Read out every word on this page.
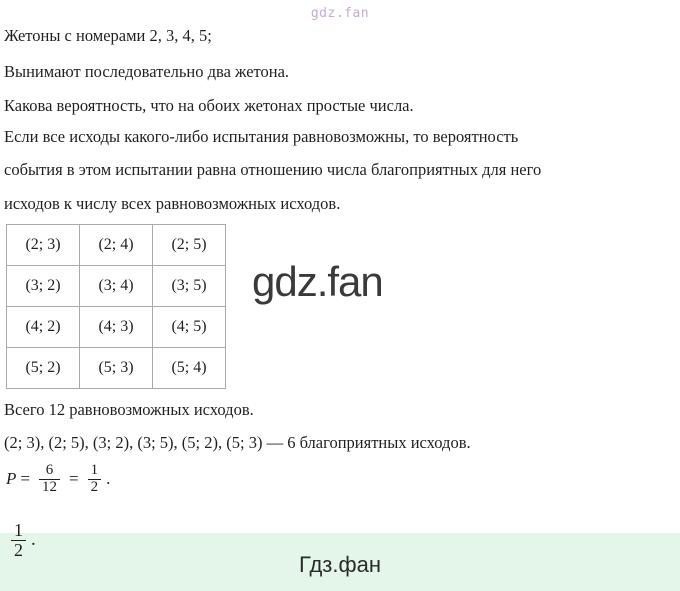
gdz.fan

Жетоны с номерами 2, 3, 4, 5;

Вынимают последовательно два жетона.

Какова вероятность, что на обоих жетонах простые числа.

Если все исходы какого-либо испытания равновозможны, то вероятность

события в этом испытании равна отношению числа благоприятных для него

исходов к числу всех равновозможных исходов.

(2; 3)	(2; 4)	(2; 5)
(3; 2)	(3; 4)	(3; 5)
(4; 2)	(4; 3)	(4; 5)
(5; 2)	(5; 3)	(5; 4)

Всего 12 равновозможных исходов.

(2; 3), (2; 5), (3; 2), (3; 5), (5; 2), (5; 3) — 6 благоприятных исходов.

$P = \frac{6}{12} = \frac{1}{2}$ .
gdz.fan
$\frac{1}{2}$ .
Гдз.фан
